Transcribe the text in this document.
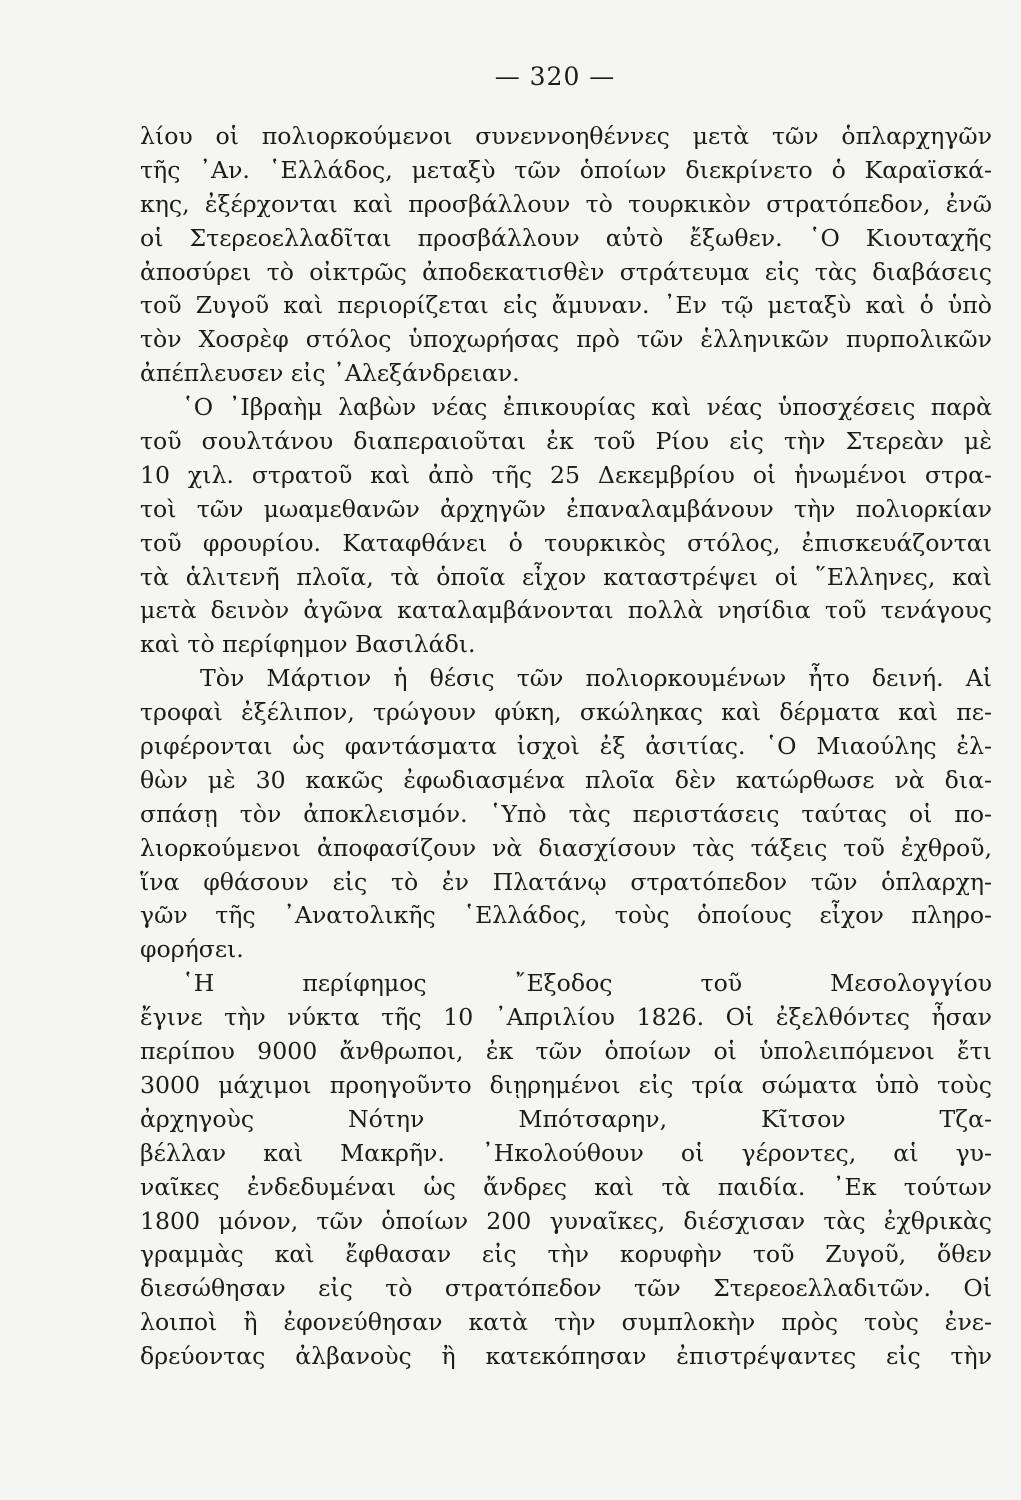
— 320 —
λίου οἱ πολιορκούμενοι συνεννοηθέννες μετὰ τῶν ὁπλαρχηγῶν
τῆς ᾿Αν. ῾Ελλάδος, μεταξὺ τῶν ὁποίων διεκρίνετο ὁ Καραϊσκά-
κης, ἐξέρχονται καὶ προσβάλλουν τὸ τουρκικὸν στρατόπεδον, ἐνῶ
οἱ Στερεοελλαδῖται προσβάλλουν αὐτὸ ἔξωθεν. ῾Ο Κιουταχῆς
ἀποσύρει τὸ οἰκτρῶς ἀποδεκατισθὲν στράτευμα εἰς τὰς διαβάσεις
τοῦ Ζυγοῦ καὶ περιορίζεται εἰς ἄμυναν. ᾿Εν τῷ μεταξὺ καὶ ὁ ὑπὸ
τὸν Χοσρὲφ στόλος ὑποχωρήσας πρὸ τῶν ἑλληνικῶν πυρπολικῶν
ἀπέπλευσεν εἰς ᾿Αλεξάνδρειαν.
῾Ο ᾿Ιβραὴμ λαβὼν νέας ἐπικουρίας καὶ νέας ὑποσχέσεις παρὰ
τοῦ σουλτάνου διαπεραιοῦται ἐκ τοῦ Ρίου εἰς τὴν Στερεὰν μὲ
10 χιλ. στρατοῦ καὶ ἀπὸ τῆς 25 Δεκεμβρίου οἱ ἡνωμένοι στρα-
τοὶ τῶν μωαμεθανῶν ἀρχηγῶν ἐπαναλαμβάνουν τὴν πολιορκίαν
τοῦ φρουρίου. Καταφθάνει ὁ τουρκικὸς στόλος, ἐπισκευάζονται
τὰ ἁλιτενῆ πλοῖα, τὰ ὁποῖα εἶχον καταστρέψει οἱ ῞Ελληνες, καὶ
μετὰ δεινὸν ἀγῶνα καταλαμβάνονται πολλὰ νησίδια τοῦ τενάγους
καὶ τὸ περίφημον Βασιλάδι.
Τὸν Μάρτιον ἡ θέσις τῶν πολιορκουμένων ἦτο δεινή. Αἱ
τροφαὶ ἐξέλιπον, τρώγουν φύκη, σκώληκας καὶ δέρματα καὶ πε-
ριφέρονται ὡς φαντάσματα ἰσχοὶ ἐξ ἀσιτίας. ῾Ο Μιαούλης ἐλ-
θὼν μὲ 30 κακῶς ἐφωδιασμένα πλοῖα δὲν κατώρθωσε νὰ δια-
σπάσῃ τὸν ἀποκλεισμόν. ῾Υπὸ τὰς περιστάσεις ταύτας οἱ πο-
λιορκούμενοι ἀποφασίζουν νὰ διασχίσουν τὰς τάξεις τοῦ ἐχθροῦ,
ἵνα φθάσουν εἰς τὸ ἐν Πλατάνῳ στρατόπεδον τῶν ὁπλαρχη-
γῶν τῆς ᾿Ανατολικῆς ῾Ελλάδος, τοὺς ὁποίους εἶχον πληρο-
φορήσει.
῾Η περίφημος ῎Εξοδος τοῦ Μεσολογγίου
ἔγινε τὴν νύκτα τῆς 10 ᾿Απριλίου 1826. Οἱ ἐξελθόντες ἦσαν
περίπου 9000 ἄνθρωποι, ἐκ τῶν ὁποίων οἱ ὑπολειπόμενοι ἔτι
3000 μάχιμοι προηγοῦντο διῃρημένοι εἰς τρία σώματα ὑπὸ τοὺς
ἀρχηγοὺς Νότην Μπότσαρην, Κῖτσον Τζα-
βέλλαν καὶ Μακρῆν. ᾿Ηκολούθουν οἱ γέροντες, αἱ γυ-
ναῖκες ἐνδεδυμέναι ὡς ἄνδρες καὶ τὰ παιδία. ᾿Εκ τούτων
1800 μόνον, τῶν ὁποίων 200 γυναῖκες, διέσχισαν τὰς ἐχθρικὰς
γραμμὰς καὶ ἔφθασαν εἰς τὴν κορυφὴν τοῦ Ζυγοῦ, ὅθεν
διεσώθησαν εἰς τὸ στρατόπεδον τῶν Στερεοελλαδιτῶν. Οἱ
λοιποὶ ἢ ἐφονεύθησαν κατὰ τὴν συμπλοκὴν πρὸς τοὺς ἐνε-
δρεύοντας ἀλβανοὺς ἢ κατεκόπησαν ἐπιστρέψαντες εἰς τὴν
